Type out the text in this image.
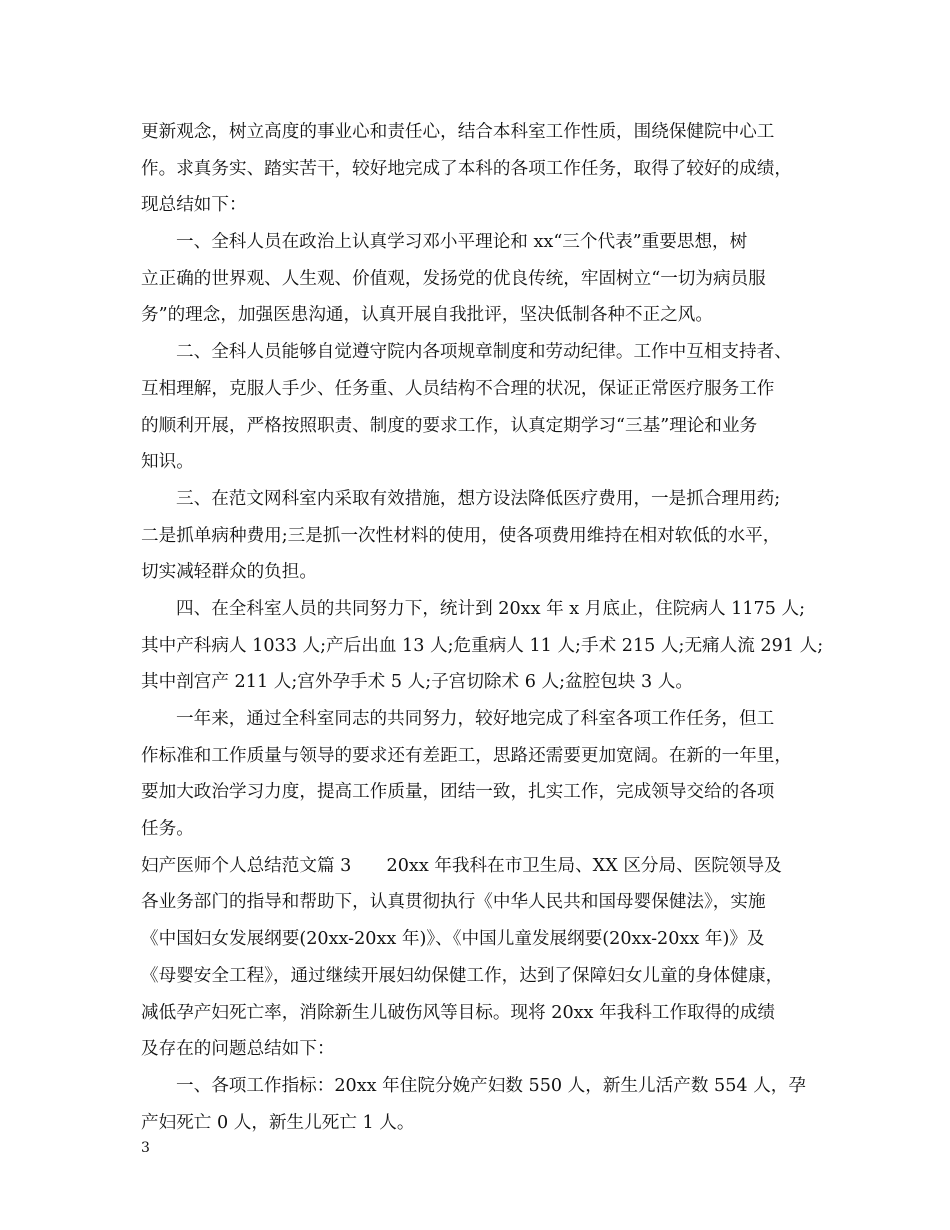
更新观念，树立高度的事业心和责任心，结合本科室工作性质，围绕保健院中心工
作。求真务实、踏实苦干，较好地完成了本科的各项工作任务，取得了较好的成绩，
现总结如下：
一、全科人员在政治上认真学习邓小平理论和 xx“三个代表”重要思想，树
立正确的世界观、人生观、价值观，发扬党的优良传统，牢固树立“一切为病员服
务”的理念，加强医患沟通，认真开展自我批评，坚决低制各种不正之风。
二、全科人员能够自觉遵守院内各项规章制度和劳动纪律。工作中互相支持者、
互相理解，克服人手少、任务重、人员结构不合理的状况，保证正常医疗服务工作
的顺利开展，严格按照职责、制度的要求工作，认真定期学习“三基”理论和业务
知识。
三、在范文网科室内采取有效措施，想方设法降低医疗费用，一是抓合理用药;
二是抓单病种费用;三是抓一次性材料的使用，使各项费用维持在相对软低的水平，
切实减轻群众的负担。
四、在全科室人员的共同努力下，统计到 20xx 年 x 月底止，住院病人 1175 人;
其中产科病人 1033 人;产后出血 13 人;危重病人 11 人;手术 215 人;无痛人流 291 人;
其中剖宫产 211 人;宫外孕手术 5 人;子宫切除术 6 人;盆腔包块 3 人。
一年来，通过全科室同志的共同努力，较好地完成了科室各项工作任务，但工
作标准和工作质量与领导的要求还有差距工，思路还需要更加宽阔。在新的一年里，
要加大政治学习力度，提高工作质量，团结一致，扎实工作，完成领导交给的各项
任务。
妇产医师个人总结范文篇 3　　20xx 年我科在市卫生局、XX 区分局、医院领导及
各业务部门的指导和帮助下，认真贯彻执行《中华人民共和国母婴保健法》，实施
《中国妇女发展纲要(20xx-20xx 年)》、《中国儿童发展纲要(20xx-20xx 年)》及
《母婴安全工程》，通过继续开展妇幼保健工作，达到了保障妇女儿童的身体健康，
减低孕产妇死亡率，消除新生儿破伤风等目标。现将 20xx 年我科工作取得的成绩
及存在的问题总结如下：
一、各项工作指标：20xx 年住院分娩产妇数 550 人，新生儿活产数 554 人，孕
产妇死亡 0 人，新生儿死亡 1 人。
3
